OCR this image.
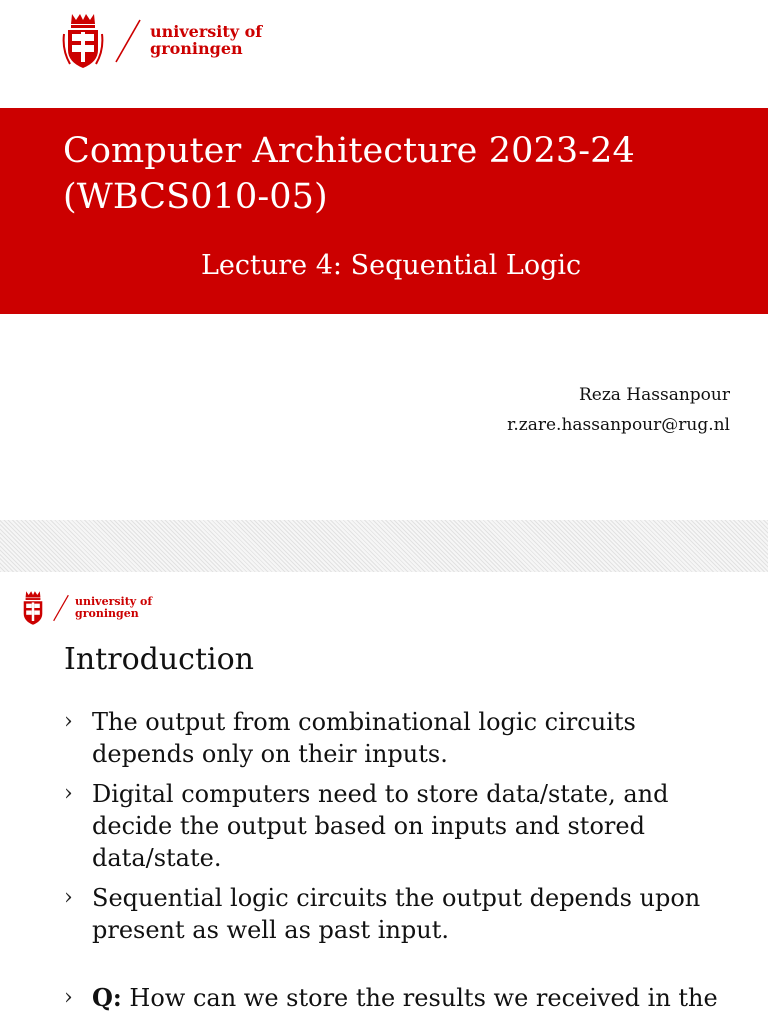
university of
groningen
Computer Architecture 2023-24
(WBCS010-05)
Lecture 4: Sequential Logic
Reza Hassanpour
r.zare.hassanpour@rug.nl
university of
groningen
Introduction
› The output from combinational logic circuits depends only on their inputs.
› Digital computers need to store data/state, and decide the output based on inputs and stored data/state.
› Sequential logic circuits the output depends upon present as well as past input.
› Q: How can we store the results we received in the
